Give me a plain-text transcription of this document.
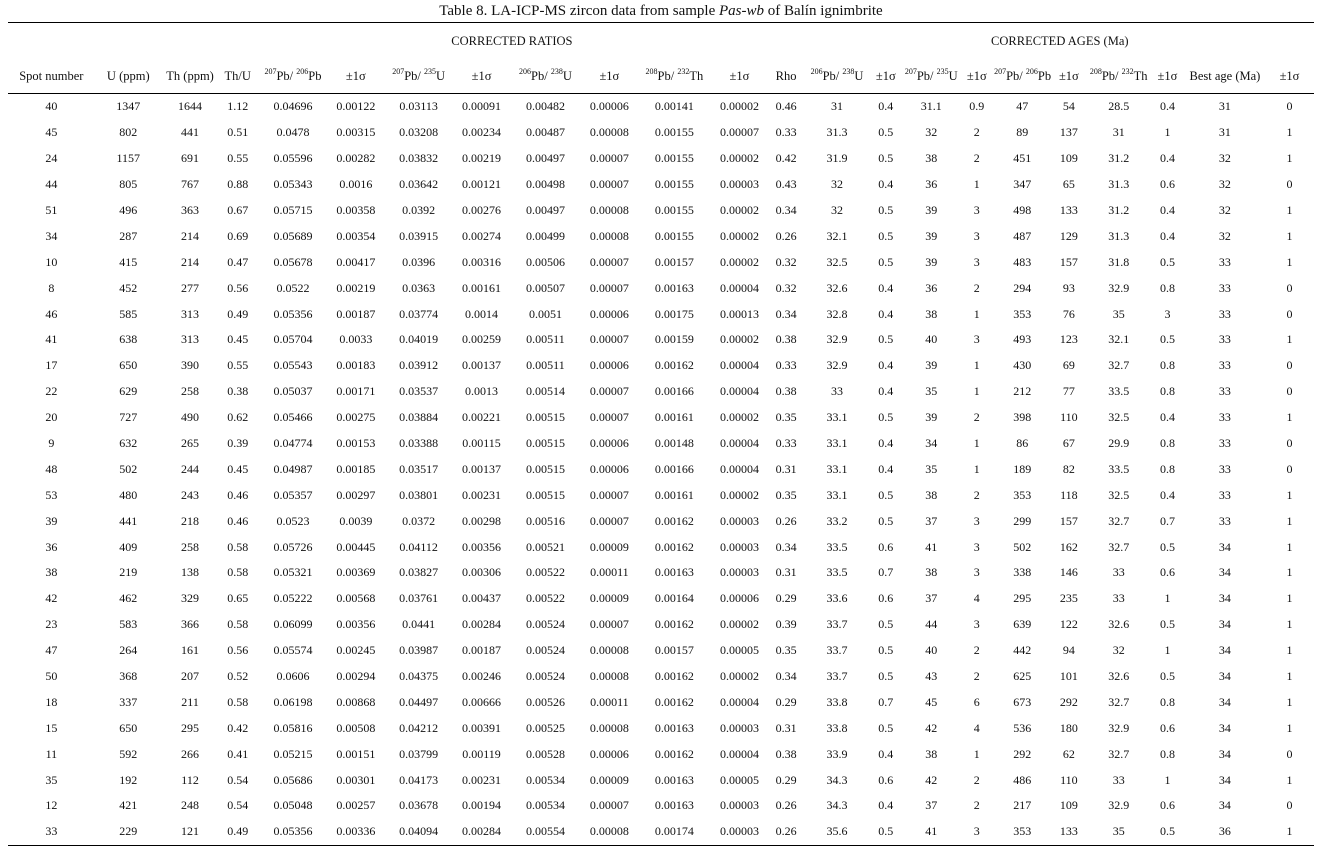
Table 8. LA-ICP-MS zircon data from sample Pas-wb of Balín ignimbrite
				CORRECTED RATIOS									CORRECTED AGES (Ma)									
Spot number	U (ppm)	Th (ppm)	Th/U	$^{207}$Pb/ $^{206}$Pb	±1σ	$^{207}$Pb/ $^{235}$U	±1σ	$^{206}$Pb/ $^{238}$U	±1σ	$^{208}$Pb/ $^{232}$Th	±1σ	Rho	$^{206}$Pb/ $^{238}$U	±1σ	$^{207}$Pb/ $^{235}$U	±1σ	$^{207}$Pb/ $^{206}$Pb	±1σ	$^{208}$Pb/ $^{232}$Th	±1σ	Best age (Ma)	±1σ
40	1347	1644	1.12	0.04696	0.00122	0.03113	0.00091	0.00482	0.00006	0.00141	0.00002	0.46	31	0.4	31.1	0.9	47	54	28.5	0.4	31	0
45	802	441	0.51	0.0478	0.00315	0.03208	0.00234	0.00487	0.00008	0.00155	0.00007	0.33	31.3	0.5	32	2	89	137	31	1	31	1
24	1157	691	0.55	0.05596	0.00282	0.03832	0.00219	0.00497	0.00007	0.00155	0.00002	0.42	31.9	0.5	38	2	451	109	31.2	0.4	32	1
44	805	767	0.88	0.05343	0.0016	0.03642	0.00121	0.00498	0.00007	0.00155	0.00003	0.43	32	0.4	36	1	347	65	31.3	0.6	32	0
51	496	363	0.67	0.05715	0.00358	0.0392	0.00276	0.00497	0.00008	0.00155	0.00002	0.34	32	0.5	39	3	498	133	31.2	0.4	32	1
34	287	214	0.69	0.05689	0.00354	0.03915	0.00274	0.00499	0.00008	0.00155	0.00002	0.26	32.1	0.5	39	3	487	129	31.3	0.4	32	1
10	415	214	0.47	0.05678	0.00417	0.0396	0.00316	0.00506	0.00007	0.00157	0.00002	0.32	32.5	0.5	39	3	483	157	31.8	0.5	33	1
8	452	277	0.56	0.0522	0.00219	0.0363	0.00161	0.00507	0.00007	0.00163	0.00004	0.32	32.6	0.4	36	2	294	93	32.9	0.8	33	0
46	585	313	0.49	0.05356	0.00187	0.03774	0.0014	0.0051	0.00006	0.00175	0.00013	0.34	32.8	0.4	38	1	353	76	35	3	33	0
41	638	313	0.45	0.05704	0.0033	0.04019	0.00259	0.00511	0.00007	0.00159	0.00002	0.38	32.9	0.5	40	3	493	123	32.1	0.5	33	1
17	650	390	0.55	0.05543	0.00183	0.03912	0.00137	0.00511	0.00006	0.00162	0.00004	0.33	32.9	0.4	39	1	430	69	32.7	0.8	33	0
22	629	258	0.38	0.05037	0.00171	0.03537	0.0013	0.00514	0.00007	0.00166	0.00004	0.38	33	0.4	35	1	212	77	33.5	0.8	33	0
20	727	490	0.62	0.05466	0.00275	0.03884	0.00221	0.00515	0.00007	0.00161	0.00002	0.35	33.1	0.5	39	2	398	110	32.5	0.4	33	1
9	632	265	0.39	0.04774	0.00153	0.03388	0.00115	0.00515	0.00006	0.00148	0.00004	0.33	33.1	0.4	34	1	86	67	29.9	0.8	33	0
48	502	244	0.45	0.04987	0.00185	0.03517	0.00137	0.00515	0.00006	0.00166	0.00004	0.31	33.1	0.4	35	1	189	82	33.5	0.8	33	0
53	480	243	0.46	0.05357	0.00297	0.03801	0.00231	0.00515	0.00007	0.00161	0.00002	0.35	33.1	0.5	38	2	353	118	32.5	0.4	33	1
39	441	218	0.46	0.0523	0.0039	0.0372	0.00298	0.00516	0.00007	0.00162	0.00003	0.26	33.2	0.5	37	3	299	157	32.7	0.7	33	1
36	409	258	0.58	0.05726	0.00445	0.04112	0.00356	0.00521	0.00009	0.00162	0.00003	0.34	33.5	0.6	41	3	502	162	32.7	0.5	34	1
38	219	138	0.58	0.05321	0.00369	0.03827	0.00306	0.00522	0.00011	0.00163	0.00003	0.31	33.5	0.7	38	3	338	146	33	0.6	34	1
42	462	329	0.65	0.05222	0.00568	0.03761	0.00437	0.00522	0.00009	0.00164	0.00006	0.29	33.6	0.6	37	4	295	235	33	1	34	1
23	583	366	0.58	0.06099	0.00356	0.0441	0.00284	0.00524	0.00007	0.00162	0.00002	0.39	33.7	0.5	44	3	639	122	32.6	0.5	34	1
47	264	161	0.56	0.05574	0.00245	0.03987	0.00187	0.00524	0.00008	0.00157	0.00005	0.35	33.7	0.5	40	2	442	94	32	1	34	1
50	368	207	0.52	0.0606	0.00294	0.04375	0.00246	0.00524	0.00008	0.00162	0.00002	0.34	33.7	0.5	43	2	625	101	32.6	0.5	34	1
18	337	211	0.58	0.06198	0.00868	0.04497	0.00666	0.00526	0.00011	0.00162	0.00004	0.29	33.8	0.7	45	6	673	292	32.7	0.8	34	1
15	650	295	0.42	0.05816	0.00508	0.04212	0.00391	0.00525	0.00008	0.00163	0.00003	0.31	33.8	0.5	42	4	536	180	32.9	0.6	34	1
11	592	266	0.41	0.05215	0.00151	0.03799	0.00119	0.00528	0.00006	0.00162	0.00004	0.38	33.9	0.4	38	1	292	62	32.7	0.8	34	0
35	192	112	0.54	0.05686	0.00301	0.04173	0.00231	0.00534	0.00009	0.00163	0.00005	0.29	34.3	0.6	42	2	486	110	33	1	34	1
12	421	248	0.54	0.05048	0.00257	0.03678	0.00194	0.00534	0.00007	0.00163	0.00003	0.26	34.3	0.4	37	2	217	109	32.9	0.6	34	0
33	229	121	0.49	0.05356	0.00336	0.04094	0.00284	0.00554	0.00008	0.00174	0.00003	0.26	35.6	0.5	41	3	353	133	35	0.5	36	1
